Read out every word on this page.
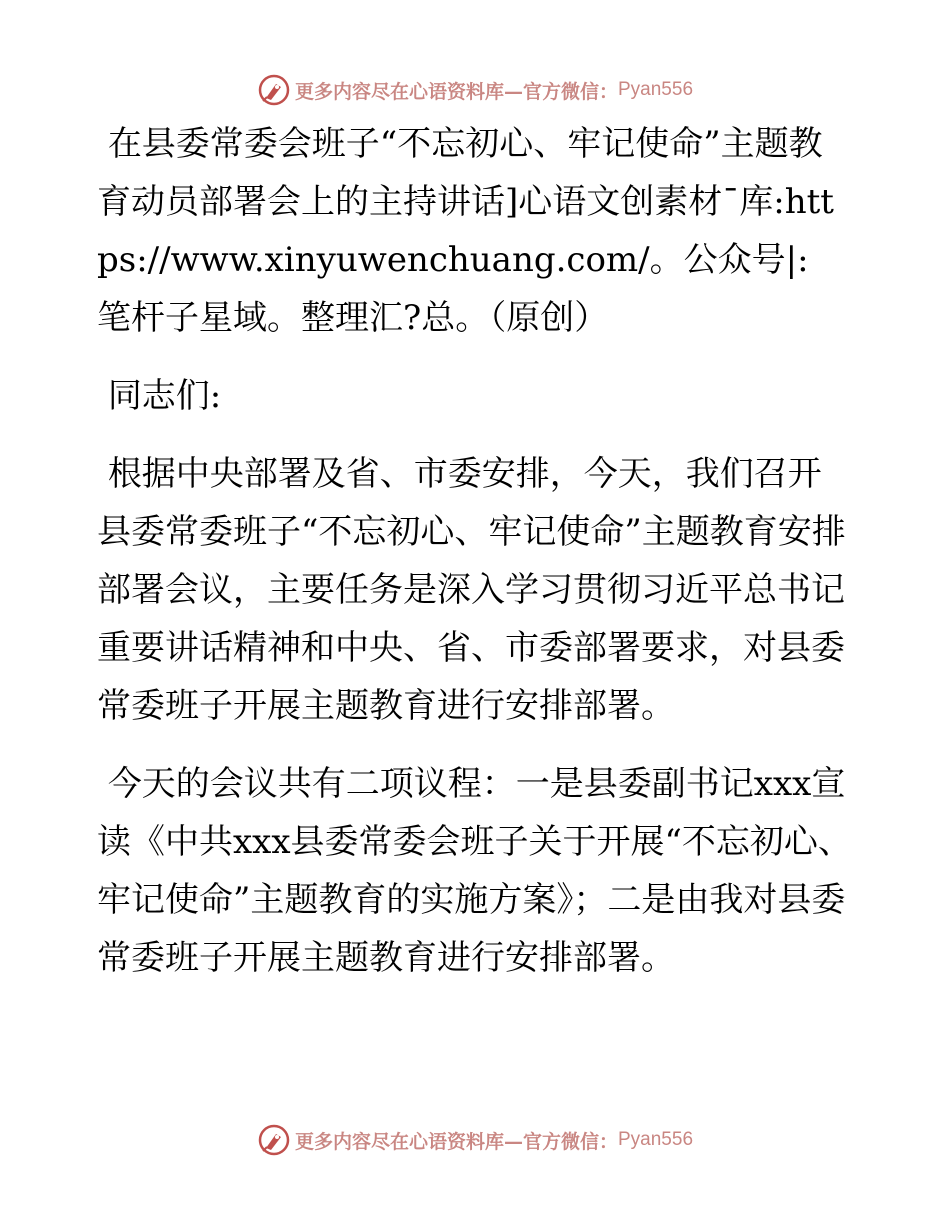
更多内容尽在心语资料库—官方微信： Pyan556

在县委常委会班子“不忘初心、牢记使命”主题教育动员部署会上的主持讲话]心语文创素材¯库:https://www.xinyuwenchuang.com/。公众号|: 笔杆子星域。整理汇?总。（原创）

同志们:

根据中央部署及省、市委安排，今天，我们召开县委常委班子“不忘初心、牢记使命”主题教育安排部署会议，主要任务是深入学习贯彻习近平总书记重要讲话精神和中央、省、市委部署要求，对县委常委班子开展主题教育进行安排部署。

今天的会议共有二项议程：一是县委副书记xxx宣读《中共xxx县委常委会班子关于开展“不忘初心、牢记使命”主题教育的实施方案》；二是由我对县委常委班子开展主题教育进行安排部署。

更多内容尽在心语资料库—官方微信： Pyan556
